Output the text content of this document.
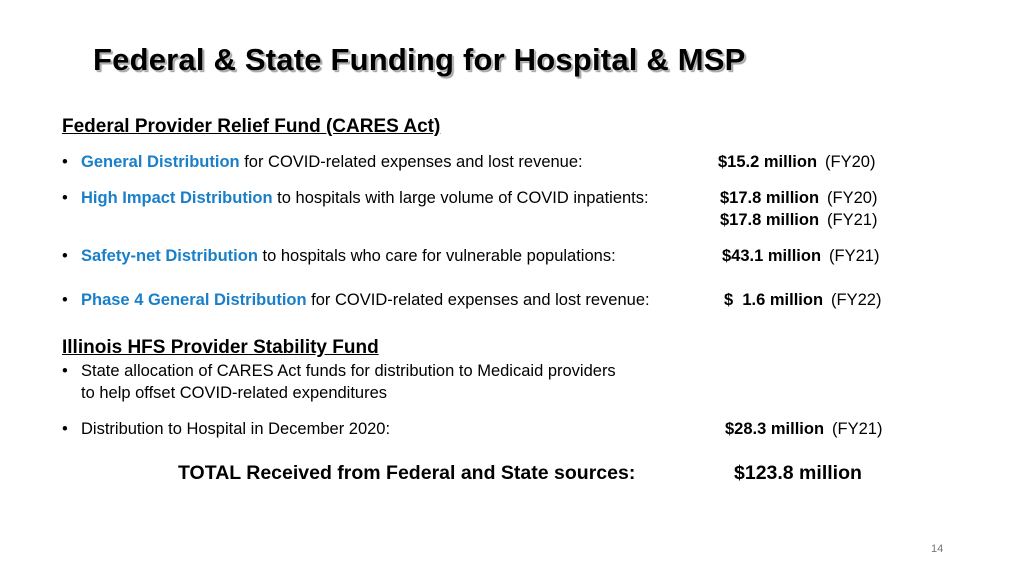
Federal & State Funding for Hospital & MSP
Federal Provider Relief Fund (CARES Act)
• General Distribution for COVID-related expenses and lost revenue:	$15.2 million (FY20)
• High Impact Distribution to hospitals with large volume of COVID inpatients:	$17.8 million (FY20)
$17.8 million (FY21)
• Safety-net Distribution to hospitals who care for vulnerable populations:	$43.1 million (FY21)
• Phase 4 General Distribution for COVID-related expenses and lost revenue:	$  1.6 million (FY22)
Illinois HFS Provider Stability Fund
• State allocation of CARES Act funds for distribution to Medicaid providers
to help offset COVID-related expenditures
• Distribution to Hospital in December 2020:	$28.3 million (FY21)
TOTAL Received from Federal and State sources:	$123.8 million
14
